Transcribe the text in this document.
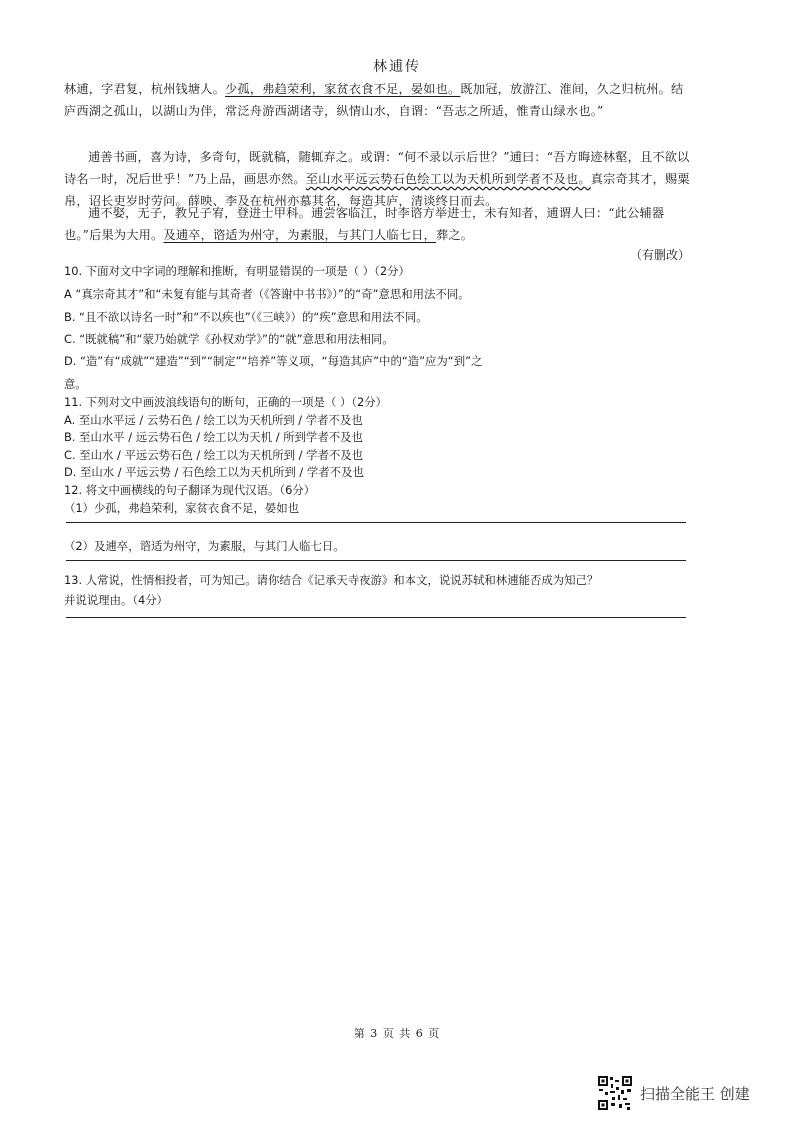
林逋传
林逋，字君复，杭州钱塘人。少孤，弗趋荣利，家贫衣食不足，晏如也。既加冠，放游江、淮间，久之归杭州。结庐西湖之孤山，以湖山为伴，常泛舟游西湖诸寺，纵情山水，自谓：“吾志之所适，惟青山绿水也。”
逋善书画，喜为诗，多奇句，既就稿，随辄弃之。或谓：“何不录以示后世？”逋曰：“吾方晦迹林壑，且不欲以诗名一时，况后世乎！”乃上品，画思亦然。至山水平远云势石色绘工以为天机所到学者不及也。真宗奇其才，赐粟帛，诏长吏岁时劳问。薛映、李及在杭州亦慕其名，每造其庐，清谈终日而去。
逋不娶，无子，教兄子宥，登进士甲科。逋尝客临江，时李谘方举进士，未有知者，逋谓人曰：“此公辅器也。”后果为大用。及逋卒，谘适为州守，为素服，与其门人临七日，葬之。
（有删改）
10. 下面对文中字词的理解和推断，有明显错误的一项是（ ）（2分）
A “真宗奇其才”和“未复有能与其奇者（《答谢中书书》）”的“奇”意思和用法不同。
B. “且不欲以诗名一时”和“不以疾也”（《三峡》）的“疾”意思和用法不同。
C. “既就稿”和“蒙乃始就学《孙权劝学》”的“就”意思和用法相同。
D. “造”有“成就”“建造”“到”“制定”“培养”等义项，“每造其庐”中的“造”应为“到”之
意。
11. 下列对文中画波浪线语句的断句，正确的一项是（ ）（2分）
A. 至山水平远 / 云势石色 / 绘工以为天机所到 / 学者不及也
B. 至山水平 / 远云势石色 / 绘工以为天机 / 所到学者不及也
C. 至山水 / 平远云势石色 / 绘工以为天机所到 / 学者不及也
D. 至山水 / 平远云势 / 石色绘工以为天机所到 / 学者不及也
12. 将文中画横线的句子翻译为现代汉语。（6分）
（1）少孤，弗趋荣利，家贫衣食不足，晏如也
（2）及逋卒，谘适为州守，为素服，与其门人临七日。
13. 人常说，性情相投者，可为知己。请你结合《记承天寺夜游》和本文，说说苏轼和林逋能否成为知己？
并说说理由。（4分）
第 3 页 共 6 页
扫描全能王 创建
